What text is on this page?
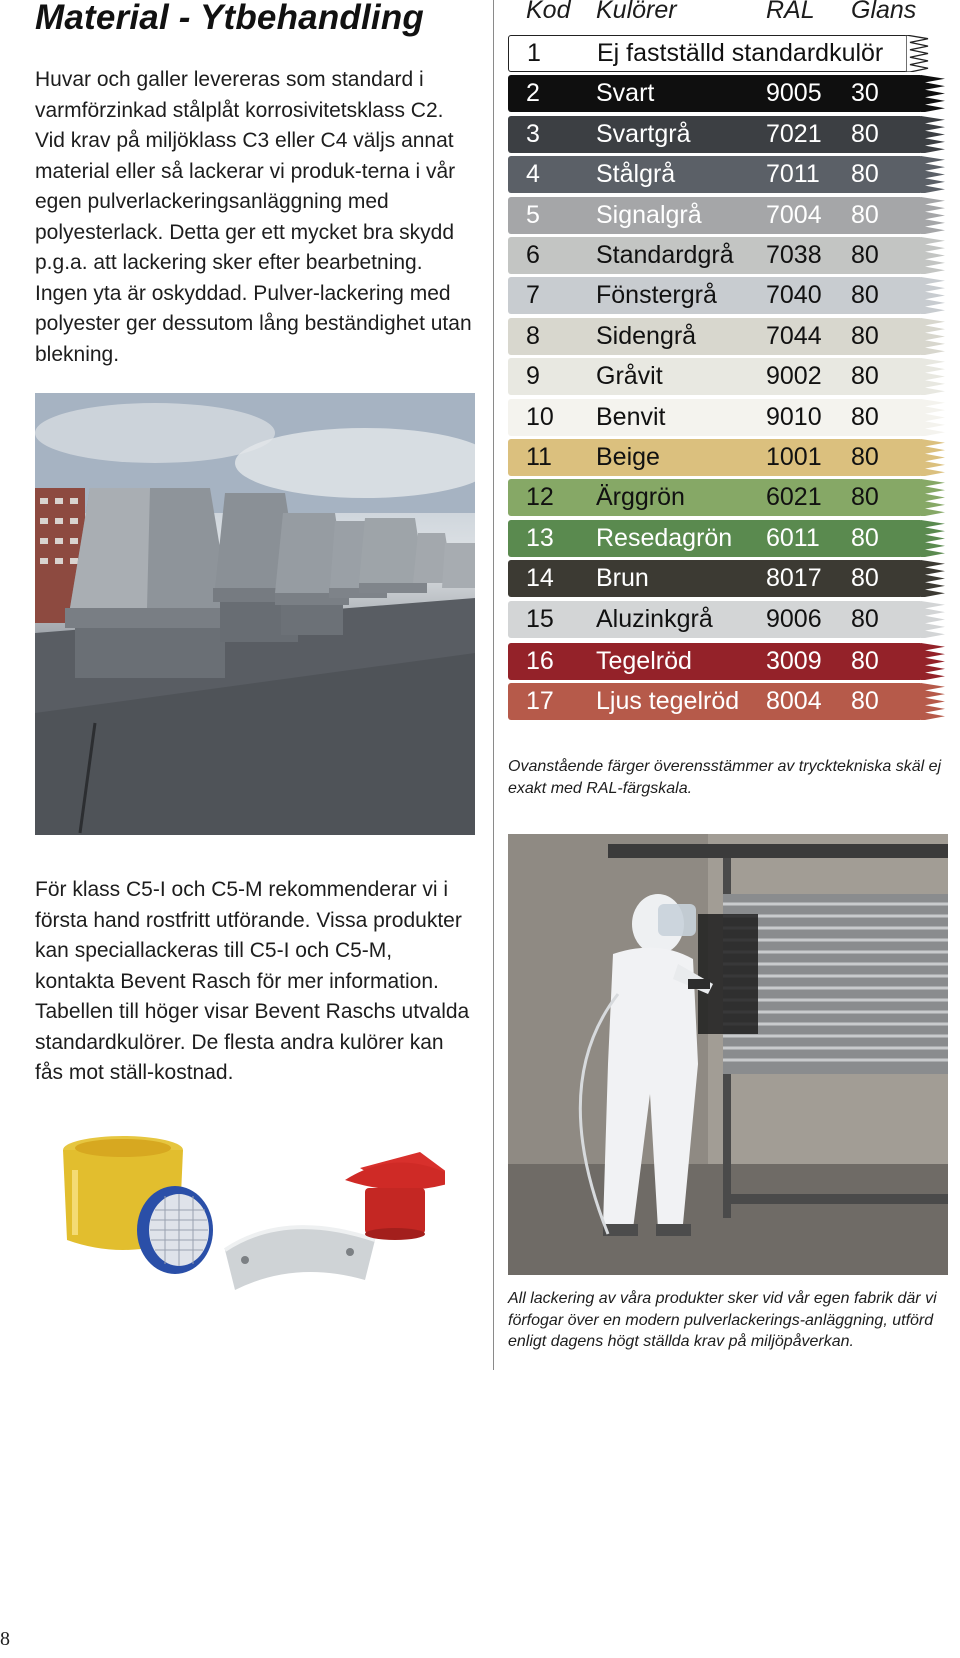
Material - Ytbehandling

Huvar och galler levereras som standard i varmförzinkad stålplåt korrosivitetsklass C2. Vid krav på miljöklass C3 eller C4 väljs annat material eller så lackerar vi produk-terna i vår egen pulverlackeringsanläggning med polyesterlack. Detta ger ett mycket bra skydd p.g.a. att lackering sker efter bearbetning. Ingen yta är oskyddad. Pulver-lackering med polyester ger dessutom lång beständighet utan blekning.

Kod Kulörer	RAL Glans
1 Ej fastställd standardkulör
2 Svart	9005 30
3 Svartgrå	7021 80
4 Stålgrå	7011 80
5 Signalgrå	7004 80
6 Standardgrå 7038 80
7 Fönstergrå 7040 80
8 Sidengrå	7044 80
9 Gråvit	9002 80
10 Benvit	9010 80
11 Beige	1001 80
12 Ärggrön	6021 80
13 Resedagrön 6011 80
14 Brun	8017 80
15 Aluzinkgrå 9006 80
16 Tegelröd	3009 80
17 Ljus tegelröd 8004 80

Ovanstående färger överensstämmer av trycktekniska skäl ej exakt med RAL-färgskala.

All lackering av våra produkter sker vid vår egen fabrik där vi förfogar över en modern pulverlackerings-anläggning, utförd enligt dagens högt ställda krav på miljöpåverkan.

För klass C5-I och C5-M rekommenderar vi i första hand rostfritt utförande. Vissa produkter kan speciallackeras till C5-I och C5-M, kontakta Bevent Rasch för mer information. Tabellen till höger visar Bevent Raschs utvalda standardkulörer. De flesta andra kulörer kan fås mot ställ-kostnad.

8
